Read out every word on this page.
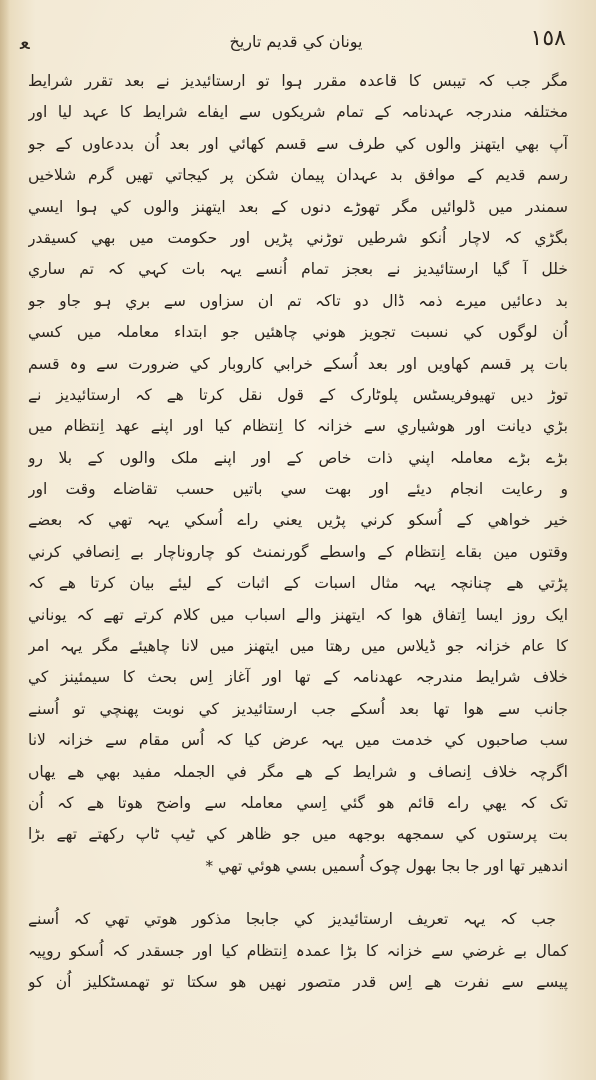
ﻌ	يونان کي قديم تاريخ	١٥٨
مگر جب کہ تيبس کا قاعدہ مقرر ہوا تو ارستائيديز نے بعد تقرر شرايط
مختلفہ مندرجہ عہدنامہ کے تمام شريکوں سے ايفاے شرايط کا عہد ليا اور
آپ بھي ايتھنز والوں کي طرف سے قسم کھائي اور بعد اُن بددعاوں کے جو
رسم قديم کے موافق بد عہدان پيمان شکن پر کيجاتي تھيں گرم شلاخيں
سمندر ميں ڈلوائيں مگر تھوڑے دنوں کے بعد ايتھنز والوں کي ہوا ايسي
بگڑي کہ لاچار اُنکو شرطيں توڑني پڑيں اور حکومت ميں بھي کسيقدر
خلل آ گيا ارستائيديز نے بعجز تمام اُنسے يہہ بات کہي کہ تم ساري
بد دعائيں ميرے ذمہ ڈال دو تاکہ تم ان سزاوں سے بري ہو جاو جو
اُن لوگوں کي نسبت تجويز هوني چاهئيں جو ابتداء معاملہ ميں کسي
بات پر قسم کھاويں اور بعد اُسکے خرابي کاروبار کي ضرورت سے وہ قسم
توڑ ديں تھيوفريسٹس پلوٹارک کے قول نقل کرتا هے کہ ارستائيديز نے
بڑي ديانت اور هوشياري سے خزانہ کا اِنتظام کيا اور اپنے عهد اِنتظام ميں
بڑے بڑے معاملہ اپني ذات خاص کے اور اپنے ملک والوں کے بلا رو
و رعايت انجام ديئے اور بهت سي باتيں حسب تقاضاے وقت اور
خير خواهي کے اُسکو کرني پڑيں يعني راے اُسکي يہہ تهي کہ بعضے
وقتوں مين بقاے اِنتظام کے واسطے گورنمنٹ کو چاروناچار بے اِنصافي کرني
پڑتي هے چنانچہ يہہ مثال اسبات کے اثبات کے لیئے بيان کرتا هے کہ
ايک روز ايسا اِتفاق هوا کہ ايتھنز والے اسباب ميں کلام کرتے تھے کہ يوناني
کا عام خزانہ جو ڈيلاس ميں رهتا ميں ايتھنز ميں لانا چاهيئے مگر يہہ امر
خلاف شرايط مندرجہ عهدنامہ کے تها اور آغاز اِس بحث کا سيمئينز کي
جانب سے هوا تها بعد اُسکے جب ارستائيديز کي نوبت پهنچي تو اُسنے
سب صاحبوں کي خدمت ميں يہہ عرض کيا کہ اُس مقام سے خزانہ لانا
اگرچہ خلاف اِنصاف و شرايط کے هے مگر في الجملہ مفيد بهي هے يهاں
تک کہ يهي راے قائم هو گئي اِسي معاملہ سے واضح هوتا هے کہ اُن
بت پرستوں کي سمجهه بوجهه ميں جو ظاهر کي ٹيپ ٹاپ رکهتے تھے بڑا
اندهير تها اور جا بجا بهول چوک اُسميں بسي هوئي تهي *
جب کہ يہہ تعريف ارستائيديز کي جابجا مذکور هوتي تهي کہ اُسنے
کمال بے غرضي سے خزانہ کا بڑا عمدہ اِنتظام کيا اور جسقدر کہ اُسکو روپيہ
پيسے سے نفرت هے اِس قدر متصور نهيں هو سکتا تو تهمسٹکليز اُن کو
